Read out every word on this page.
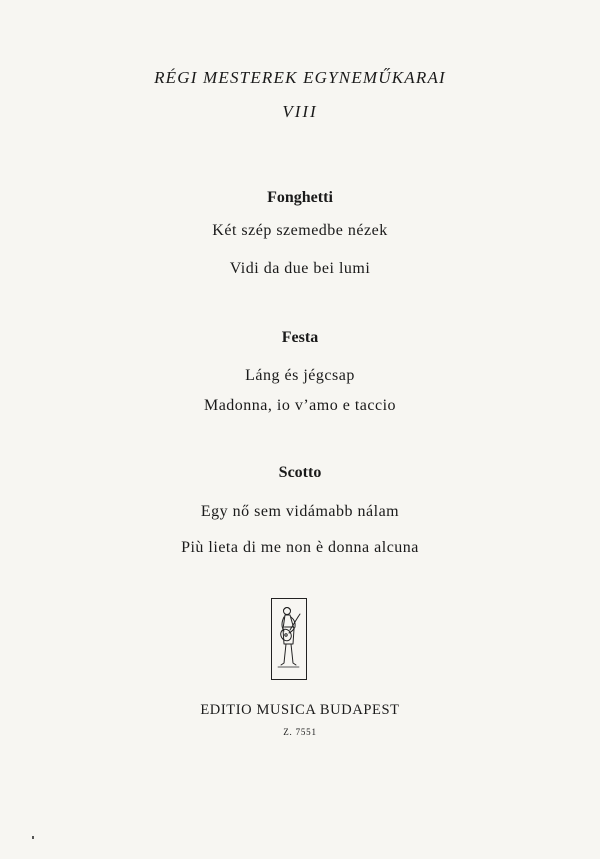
RÉGI MESTEREK EGYNEMŰKARAI
VIII
Fonghetti
Két szép szemedbe nézek
Vidi da due bei lumi
Festa
Láng és jégcsap
Madonna, io v’amo e taccio
Scotto
Egy nő sem vidámabb nálam
Più lieta di me non è donna alcuna
EDITIO MUSICA BUDAPEST
Z. 7551
